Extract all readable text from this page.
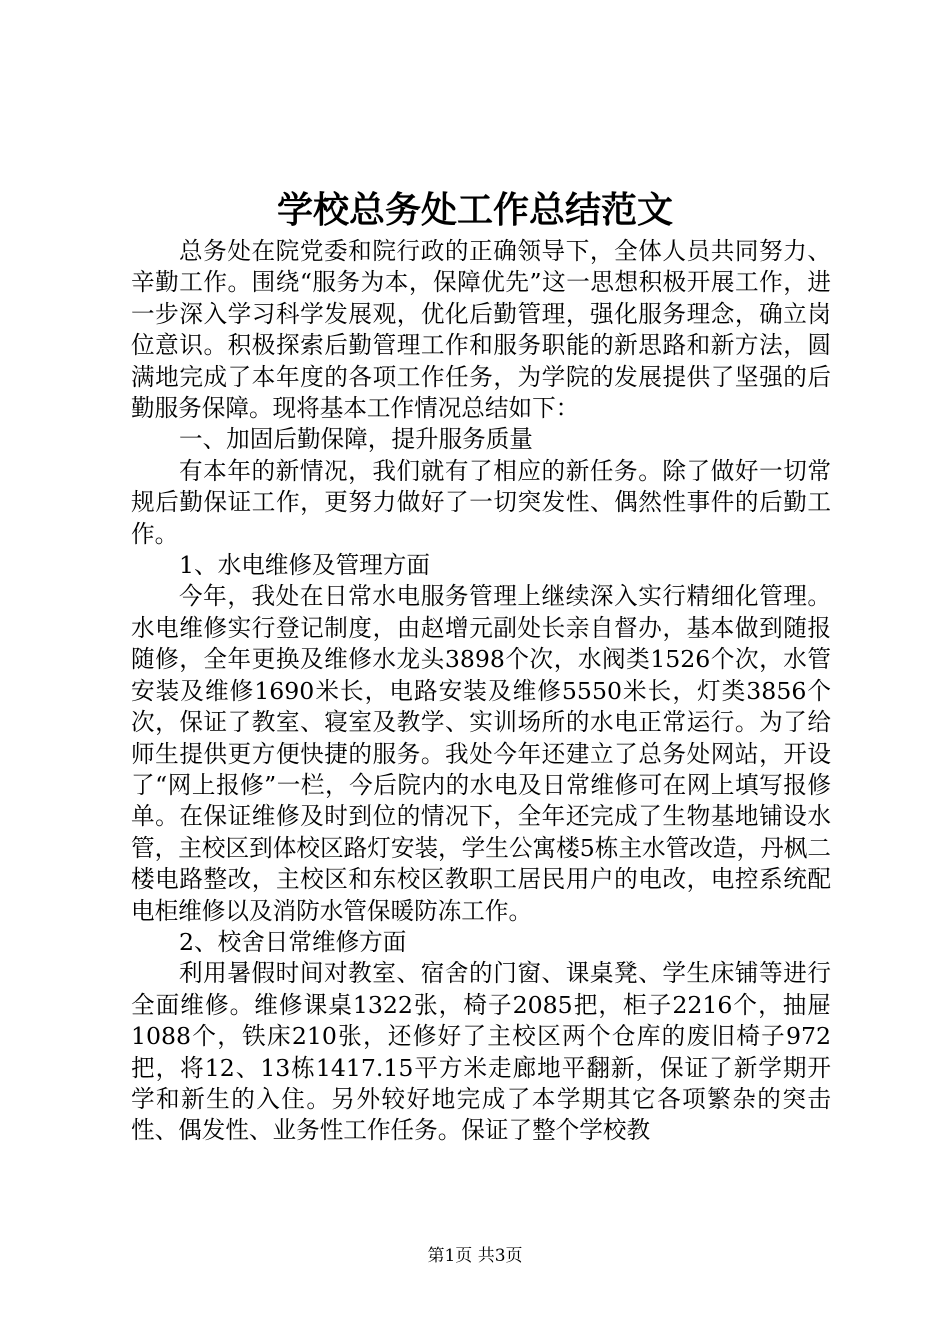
学校总务处工作总结范文

总务处在院党委和院行政的正确领导下，全体人员共同努力、辛勤工作。围绕“服务为本，保障优先”这一思想积极开展工作，进一步深入学习科学发展观，优化后勤管理，强化服务理念，确立岗位意识。积极探索后勤管理工作和服务职能的新思路和新方法，圆满地完成了本年度的各项工作任务，为学院的发展提供了坚强的后勤服务保障。现将基本工作情况总结如下：

一、加固后勤保障，提升服务质量

有本年的新情况，我们就有了相应的新任务。除了做好一切常规后勤保证工作，更努力做好了一切突发性、偶然性事件的后勤工作。

1、水电维修及管理方面

今年，我处在日常水电服务管理上继续深入实行精细化管理。水电维修实行登记制度，由赵增元副处长亲自督办，基本做到随报随修，全年更换及维修水龙头3898个次，水阀类1526个次，水管安装及维修1690米长，电路安装及维修5550米长，灯类3856个次，保证了教室、寝室及教学、实训场所的水电正常运行。为了给师生提供更方便快捷的服务。我处今年还建立了总务处网站，开设了“网上报修”一栏，今后院内的水电及日常维修可在网上填写报修单。在保证维修及时到位的情况下，全年还完成了生物基地铺设水管，主校区到体校区路灯安装，学生公寓楼5栋主水管改造，丹枫二楼电路整改，主校区和东校区教职工居民用户的电改，电控系统配电柜维修以及消防水管保暖防冻工作。

2、校舍日常维修方面

利用暑假时间对教室、宿舍的门窗、课桌凳、学生床铺等进行全面维修。维修课桌1322张，椅子2085把，柜子2216个，抽屉1088个，铁床210张，还修好了主校区两个仓库的废旧椅子972把，将12、13栋1417.15平方米走廊地平翻新，保证了新学期开学和新生的入住。另外较好地完成了本学期其它各项繁杂的突击性、偶发性、业务性工作任务。保证了整个学校教

第1页 共3页
